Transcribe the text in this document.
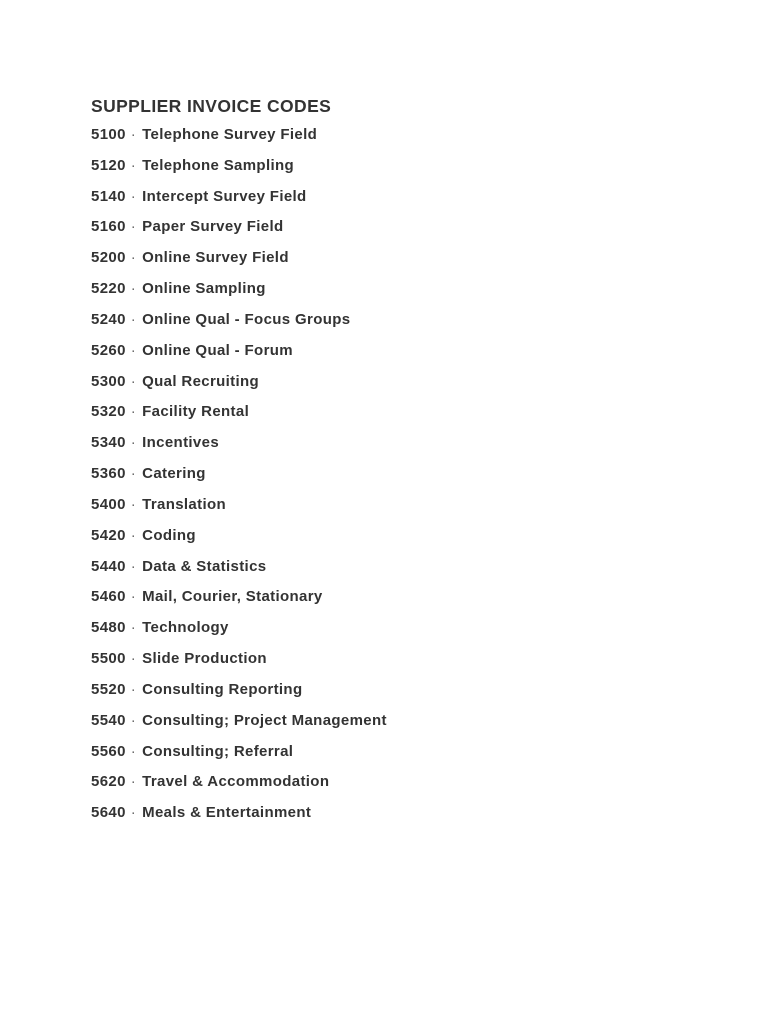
SUPPLIER INVOICE CODES
5100 · Telephone Survey Field
5120 · Telephone Sampling
5140 · Intercept Survey Field
5160 · Paper Survey Field
5200 · Online Survey Field
5220 · Online Sampling
5240 · Online Qual - Focus Groups
5260 · Online Qual - Forum
5300 · Qual Recruiting
5320 · Facility Rental
5340 · Incentives
5360 · Catering
5400 · Translation
5420 · Coding
5440 · Data & Statistics
5460 · Mail, Courier, Stationary
5480 · Technology
5500 · Slide Production
5520 · Consulting Reporting
5540 · Consulting; Project Management
5560 · Consulting; Referral
5620 · Travel & Accommodation
5640 · Meals & Entertainment
